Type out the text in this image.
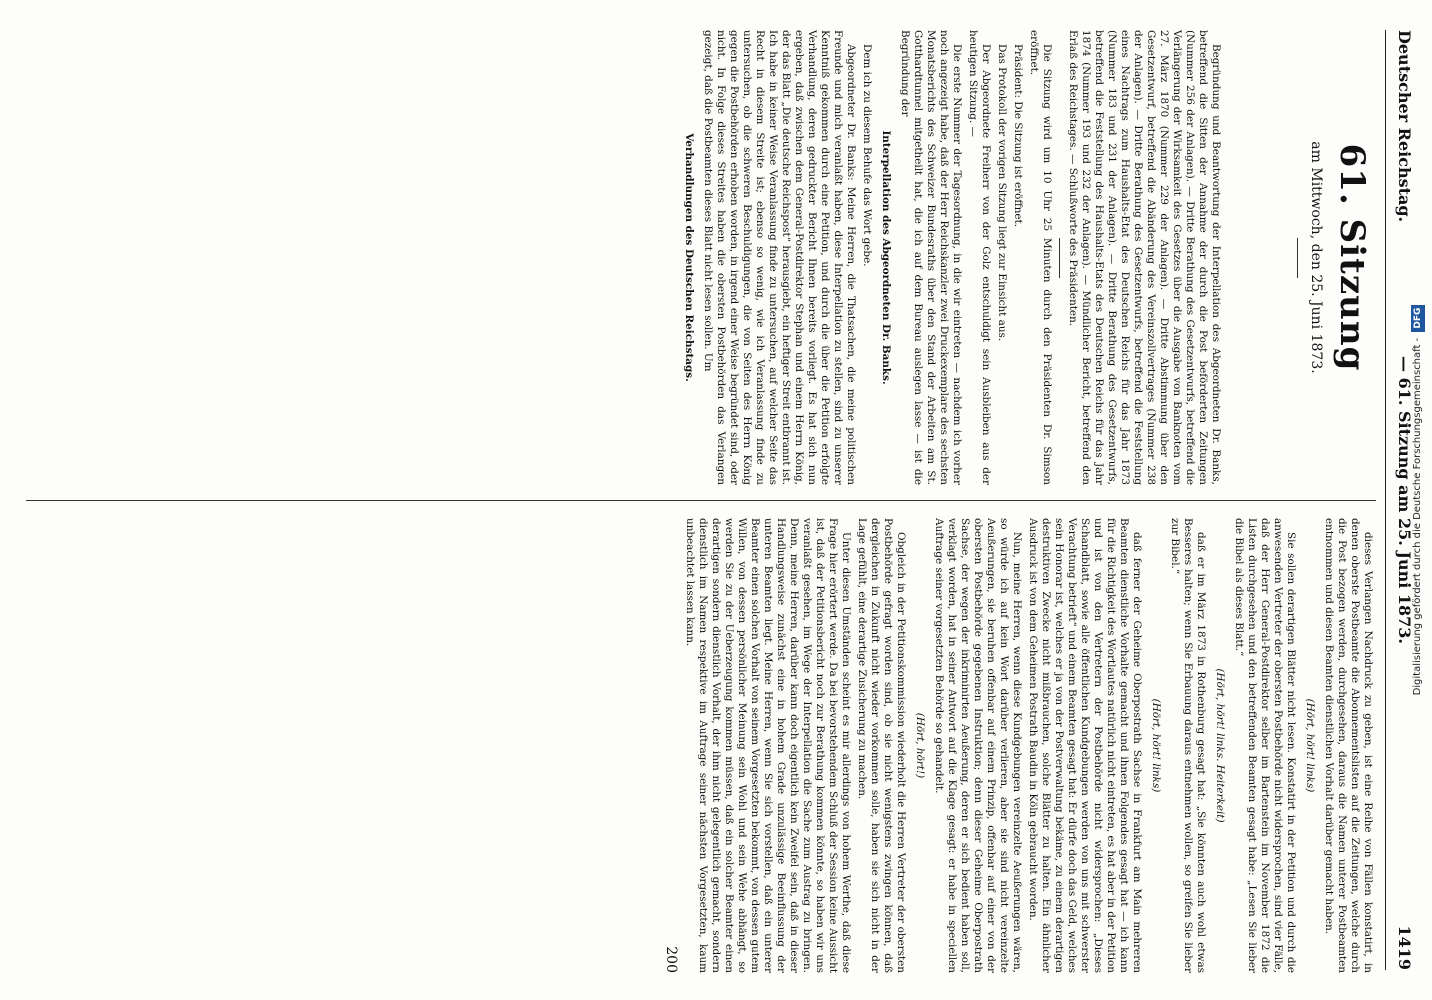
Deutscher Reichstag.
— 61. Sitzung am 25. Juni 1873.
1419
61. Sitzung
am Mittwoch, den 25. Juni 1873.

Begründung und Beantwortung der Interpellation des Abgeordneten Dr. Banks, betreffend die Sitten der Annahme der durch die Post beförderten Zeitungen (Nummer 256 der Anlagen). — Dritte Berathung des Gesetzentwurfs, betreffend die Verlängerung der Wirksamkeit des Gesetzes über die Ausgabe von Banknoten vom 27. März 1870 (Nummer 229 der Anlagen). — Dritte Abstimmung über den Gesetzentwurf, betreffend die Abänderung des Vereinszollvertrages (Nummer 238 der Anlagen). — Dritte Berathung des Gesetzentwurfs, betreffend die Feststellung eines Nachtrags zum Haushalts-Etat des Deutschen Reichs für das Jahr 1873 (Nummer 183 und 231 der Anlagen). — Dritte Berathung des Gesetzentwurfs, betreffend die Feststellung des Haushalts-Etats des Deutschen Reichs für das Jahr 1874 (Nummer 193 und 232 der Anlagen). — Mündlicher Bericht, betreffend den Erlaß des Reichstages. — Schlußworte des Präsidenten.

Die Sitzung wird um 10 Uhr 25 Minuten durch den Präsidenten Dr. Simson eröffnet.

Präsident: Die Sitzung ist eröffnet.

Das Protokoll der vorigen Sitzung liegt zur Einsicht aus.

Der Abgeordnete Freiherr von der Golz entschuldigt sein Ausbleiben aus der heutigen Sitzung. —

Die erste Nummer der Tagesordnung, in die wir eintreten — nachdem ich vorher noch angezeigt habe, daß der Herr Reichskanzler zwei Druckexemplare des sechsten Monatsberichts des Schweizer Bundesraths über den Stand der Arbeiten am St. Gotthardtunnel mitgetheilt hat, die ich auf dem Bureau auslegen lasse — ist die Begründung der

Interpellation des Abgeordneten Dr. Banks.

Dem ich zu diesem Behufe das Wort gebe.

Abgeordneter Dr. Banks: Meine Herren, die Thatsachen, die meine politischen Freunde und mich veranlaßt haben, diese Interpellation zu stellen, sind zu unserer Kenntniß gekommen durch eine Petition, und durch die über die Petition erfolgte Verhandlung, deren gedruckter Bericht Ihnen bereits vorliegt. Es hat sich nun ergeben, daß zwischen dem General-Postdirektor Stephan und einem Herrn König, der das Blatt „Die deutsche Reichspost“ herausgiebt, ein heftiger Streit entbrannt ist. Ich habe in keiner Weise Veranlassung finde zu untersuchen, auf welcher Seite das Recht in diesem Streite ist; ebenso so wenig, wie ich Veranlassung finde zu untersuchen, ob die schweren Beschuldigungen, die von Seiten des Herrn König gegen die Postbehörden erhoben worden, in irgend einer Weise begründet sind, oder nicht. In Folge dieses Streites haben die obersten Postbehörden das Verlangen gezeigt, daß die Postbeamten dieses Blatt nicht lesen sollen. Um

Verhandlungen des Deutschen Reichstags.

dieses Verlangen Nachdruck zu geben, ist eine Reihe von Fällen konstatirt, in denen oberste Postbeamte die Abonnementslisten auf die Zeitungen, welche durch die Post bezogen werden, durchgesehen, daraus die Namen unterer Postbeamten entnommen und diesen Beamten dienstlichen Vorhalt darüber gemacht haben.

(Hört, hört! links)

Sie sollen derartigen Blätter nicht lesen. Konstatirt in der Petition und durch die anwesenden Vertreter der obersten Postbehörde nicht widersprochen, sind vier Fälle, daß der Herr General-Postdirektor selber im Bartenstein im November 1872 die Listen durchgesehen und den betreffenden Beamten gesagt habe: „Lesen Sie lieber die Bibel als dieses Blatt.“

(Hört, hört! links. Heiterkeit)

daß er im März 1873 in Rothenburg gesagt hat: „Sie könnten auch wohl etwas Besseres halten; wenn Sie Erbauung daraus entnehmen wollen, so greifen Sie lieber zur Bibel.“

(Hört, hört! links)

daß ferner der Geheime Oberpostrath Sachse in Frankfurt am Main mehreren Beamten dienstliche Vorhalte gemacht und ihnen Folgendes gesagt hat — ich kann für die Richtigkeit des Wortlautes natürlich nicht eintreten, es hat aber in der Petition und ist von den Vertretern der Postbehörde nicht widersprochen: „Dieses Schandblatt, sowie alle öffentlichen Kundgebungen werden von uns mit schwerster Verachtung betrieft“ und einem Beamten gesagt hat: Er dürfe doch das Geld, welches sein Honorar ist, welches er ja von der Postverwaltung bekäme, zu einem derartigen destruktiven Zwecke nicht mißbrauchen, solche Blätter zu halten. Ein ähnlicher Ausdruck ist von dem Geheimen Postrath Baudin in Köln gebraucht worden.

Nun, meine Herren, wenn diese Kundgebungen vereinzelte Aeußerungen wären, so würde ich auf kein Wort darüber verlieren, aber sie sind nicht vereinzelte Aeußerungen, sie beruhen offenbar auf einem Prinzip, offenbar auf einer von der obersten Postbehörde gegebenen Instruktion; denn dieser Geheime Oberpostrath Sachse, der wegen der inkriminirten Aeußerung, deren er sich bedient haben soll, verklagt worden, hat in seiner Antwort auf die Klage gesagt: er habe in speciellen Auftrage seiner vorgesetzten Behörde so gehandelt.

(Hört, hört!)

Obgleich in der Petitionskommission wiederholt die Herren Vertreter der obersten Postbehörde gefragt worden sind, ob sie nicht wenigstens zwingen können, daß dergleichen in Zukunft nicht wieder vorkommen solle, haben sie sich nicht in der Lage gefühlt, eine derartige Zusicherung zu machen.

Unter diesen Umständen scheint es mir allerdings von hohem Werthe, daß diese Frage hier erörtert werde. Da bei bevorstehendem Schluß der Session keine Aussicht ist, daß der Petitionsbericht noch zur Berathung kommen könnte, so haben wir uns veranlaßt gesehen, im Wege der Interpellation die Sache zum Austrag zu bringen. Denn, meine Herren, darüber kann doch eigentlich kein Zweifel sein, daß in dieser Handlungsweise zunächst eine in hohem Grade unzulässige Beeinflussung der unteren Beamten liegt. Meine Herren, wenn Sie sich vorstellen, daß ein unterer Beamter einen solchen Vorhalt von seinem Vorgesetzten bekommt, von dessen gutem Willen, von dessen persönlicher Meinung sein Wohl und sein Wehe abhängt, so werden Sie zu der Ueberzeugung kommen müssen, daß ein solcher Beamter einen derartigen sondern dienstlich Vorhalt, der ihm nicht gelegentlich gemacht, sondern dienstlich im Namen respektive im Auftrage seiner nächsten Vorgesetzten, kaum unbeachtet lassen kann.

200
Digitalisierung gefördert durch die Deutsche Forschungsgemeinschaft - DFG
